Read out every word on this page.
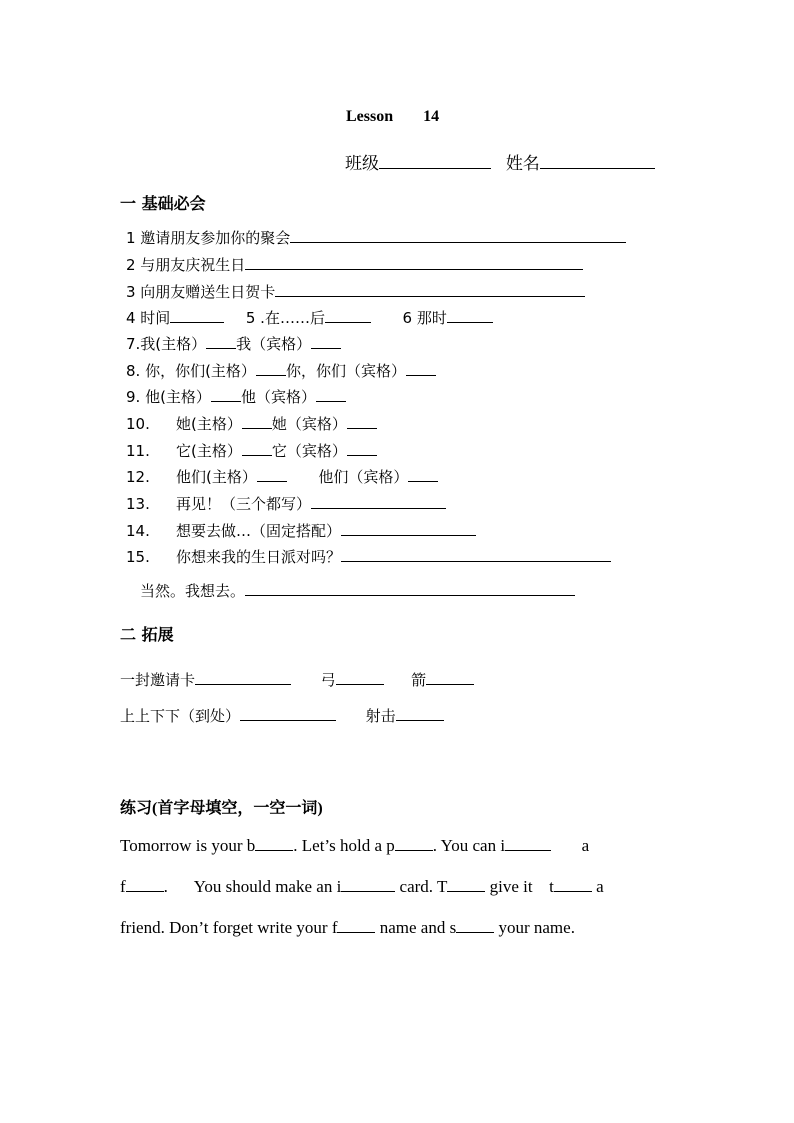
Lesson 14
班级	姓名
一 基础必会
1 邀请朋友参加你的聚会
2 与朋友庆祝生日
3 向朋友赠送生日贺卡
4 时间	5 .在……后	6 那时
7.我(主格） 我（宾格）
8. 你，你们(主格） 你，你们（宾格）
9. 他(主格） 他（宾格）
10. 她(主格） 她（宾格）
11. 它(主格） 它（宾格）
12. 他们(主格）	他们（宾格）
13. 再见！（三个都写）
14. 想要去做…（固定搭配）
15. 你想来我的生日派对吗？
当然。我想去。
二 拓展
一封邀请卡	弓	箭
上上下下（到处）	射击
练习(首字母填空，一空一词)
Tomorrow is your b . Let’s hold a p . You can i	a
f . You should make an i	card. T give it t a
friend. Don’t forget write your f name and s your name.
